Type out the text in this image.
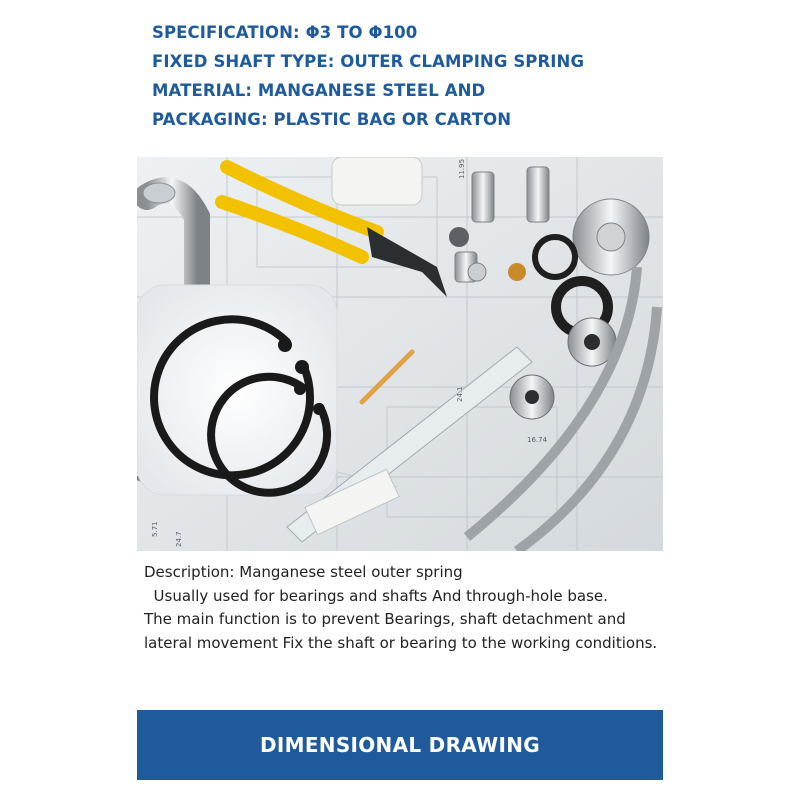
SPECIFICATION: Φ3 TO Φ100
FIXED SHAFT TYPE: OUTER CLAMPING SPRING
MATERIAL: MANGANESE STEEL AND
PACKAGING: PLASTIC BAG OR CARTON
11.95
24.1
16.74
5.71
24.7
Description: Manganese steel outer spring
Usually used for bearings and shafts And through-hole base.
The main function is to prevent Bearings, shaft detachment and
lateral movement Fix the shaft or bearing to the working conditions.
DIMENSIONAL DRAWING
